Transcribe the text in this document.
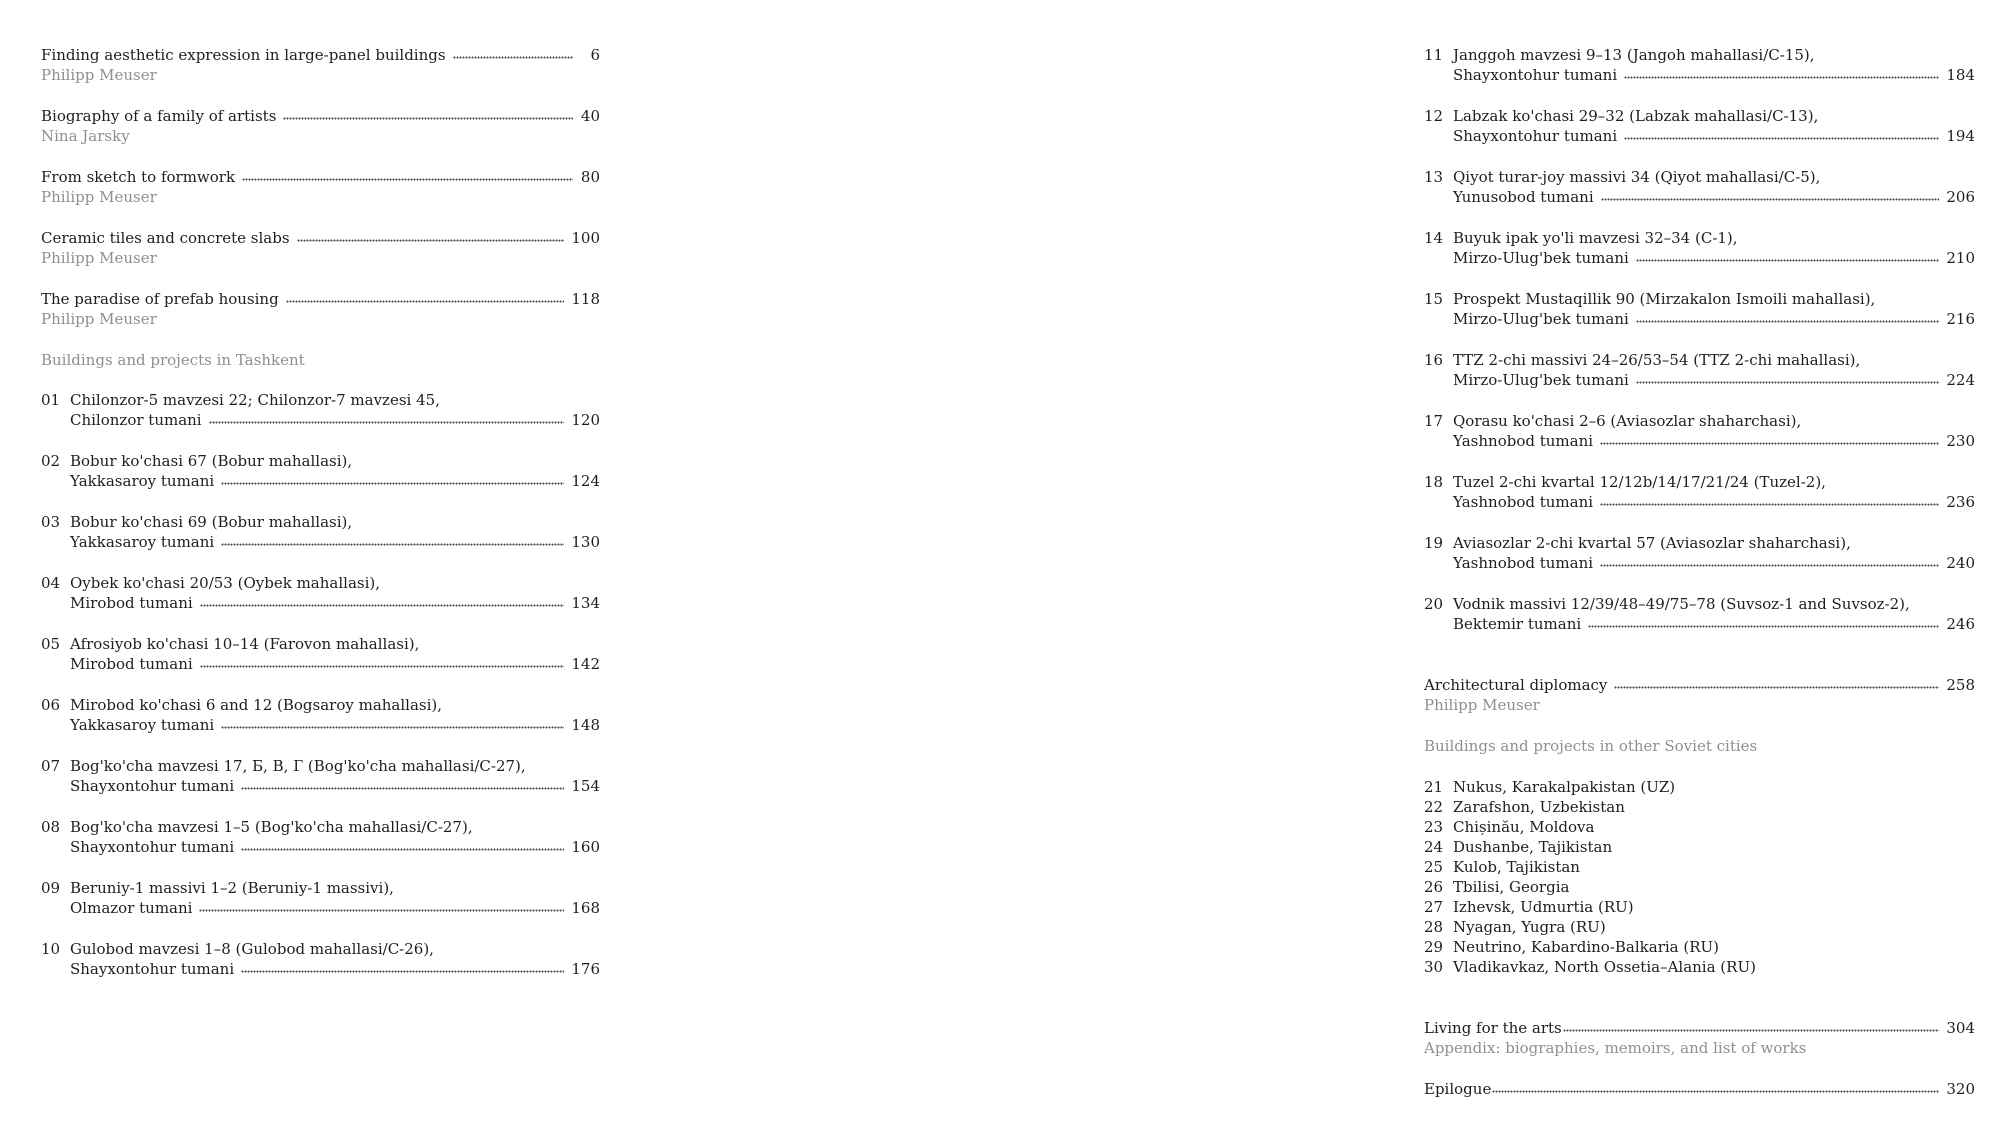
Finding aesthetic expression in large-panel buildings	6
Philipp Meuser
Biography of a family of artists	40
Nina Jarsky
From sketch to formwork	80
Philipp Meuser
Ceramic tiles and concrete slabs	100
Philipp Meuser
The paradise of prefab housing	118
Philipp Meuser
Buildings and projects in Tashkent
01 Chilonzor-5 mavzesi 22; Chilonzor-7 mavzesi 45,
Chilonzor tumani	120
02 Bobur ko'chasi 67 (Bobur mahallasi),
Yakkasaroy tumani	124
03 Bobur ko'chasi 69 (Bobur mahallasi),
Yakkasaroy tumani	130
04 Oybek ko'chasi 20/53 (Oybek mahallasi),
Mirobod tumani	134
05 Afrosiyob ko'chasi 10–14 (Farovon mahallasi),
Mirobod tumani	142
06 Mirobod ko'chasi 6 and 12 (Bogsaroy mahallasi),
Yakkasaroy tumani	148
07 Bog'ko'cha mavzesi 17, Б, В, Г (Bog'ko'cha mahallasi/C-27),
Shayxontohur tumani	154
08 Bog'ko'cha mavzesi 1–5 (Bog'ko'cha mahallasi/C-27),
Shayxontohur tumani	160
09 Beruniy-1 massivi 1–2 (Beruniy-1 massivi),
Olmazor tumani	168
10 Gulobod mavzesi 1–8 (Gulobod mahallasi/C-26),
Shayxontohur tumani	176
11 Janggoh mavzesi 9–13 (Jangoh mahallasi/C-15),
Shayxontohur tumani	184
12 Labzak ko'chasi 29–32 (Labzak mahallasi/C-13),
Shayxontohur tumani	194
13 Qiyot turar-joy massivi 34 (Qiyot mahallasi/C-5),
Yunusobod tumani	206
14 Buyuk ipak yo'li mavzesi 32–34 (C-1),
Mirzo-Ulug'bek tumani	210
15 Prospekt Mustaqillik 90 (Mirzakalon Ismoili mahallasi),
Mirzo-Ulug'bek tumani	216
16 TTZ 2-chi massivi 24–26/53–54 (TTZ 2-chi mahallasi),
Mirzo-Ulug'bek tumani	224
17 Qorasu ko'chasi 2–6 (Aviasozlar shaharchasi),
Yashnobod tumani	230
18 Tuzel 2-chi kvartal 12/12b/14/17/21/24 (Tuzel-2),
Yashnobod tumani	236
19 Aviasozlar 2-chi kvartal 57 (Aviasozlar shaharchasi),
Yashnobod tumani	240
20 Vodnik massivi 12/39/48–49/75–78 (Suvsoz-1 and Suvsoz-2),
Bektemir tumani	246
Architectural diplomacy	258
Philipp Meuser
Buildings and projects in other Soviet cities
21 Nukus, Karakalpakistan (UZ)
22 Zarafshon, Uzbekistan
23 Chișinău, Moldova
24 Dushanbe, Tajikistan
25 Kulob, Tajikistan
26 Tbilisi, Georgia
27 Izhevsk, Udmurtia (RU)
28 Nyagan, Yugra (RU)
29 Neutrino, Kabardino-Balkaria (RU)
30 Vladikavkaz, North Ossetia–Alania (RU)
Living for the arts	304
Appendix: biographies, memoirs, and list of works
Epilogue	320
